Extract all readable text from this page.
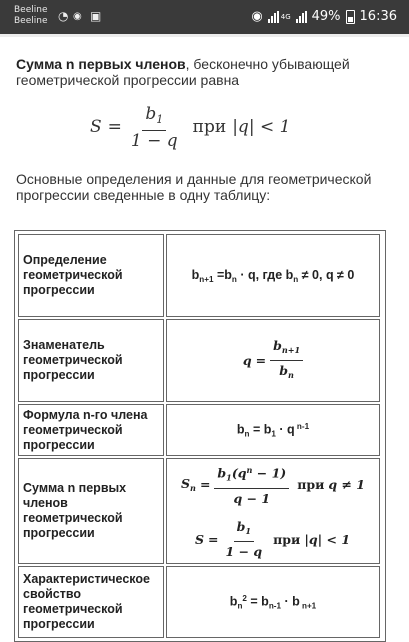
Beeline
Beeline ◔ ◉ ▣	◉	4G 49% 16:36
Сумма n первых членов, бесконечно убывающей геометрической прогрессии равна
$S = \frac{b_1}{1 - q}$ при |q| < 1
Основные определения и данные для геометрической прогрессии сведенные в одну таблицу:
Определение геометрической прогрессии
$b_{n+1} =b_n \cdot q$, где $b_n \ne 0$, q ≠ 0
Знаменатель геометрической прогрессии
$q = \frac{b_{n+1}}{b_n}$
Формула n-го члена геометрической прогрессии
$b_n = b_1 \cdot q$ $^{n-1}$
Сумма n первых членов геометрической прогрессии
$S_n = \frac{b_1(q^n - 1)}{q - 1}$ при q ≠ 1
$S = \frac{b_1}{1 - q}$ при |q| < 1
Характеристическое свойство геометрической прогрессии
$b_n^2 = b_{n-1} \cdot b$ $_{n+1}$
